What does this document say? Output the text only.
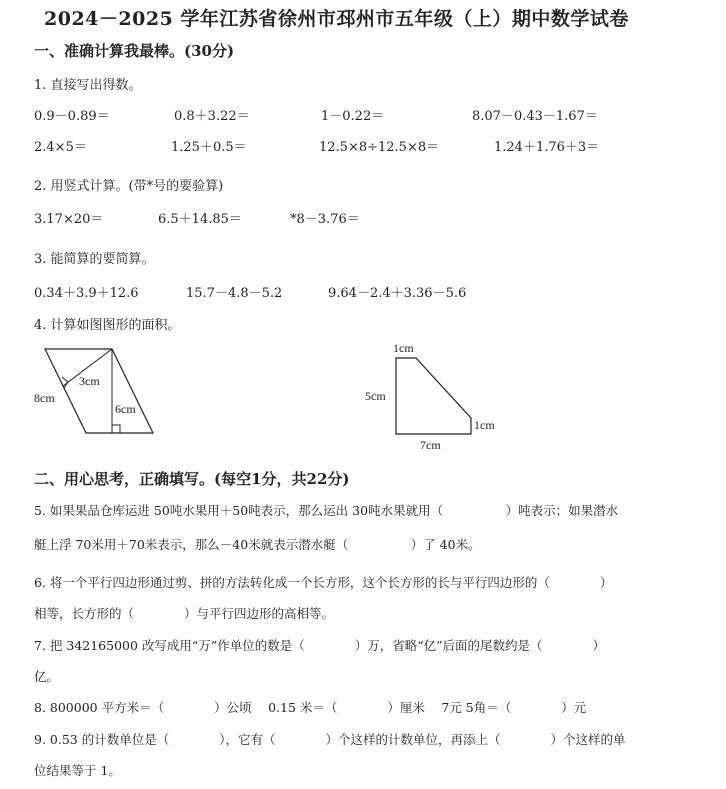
2024－2025 学年江苏省徐州市邳州市五年级（上）期中数学试卷
一、准确计算我最棒。(30分)
1. 直接写出得数。
0.9－0.89＝	0.8＋3.22＝	1－0.22＝	8.07－0.43－1.67＝
2.4×5＝	1.25＋0.5＝	12.5×8÷12.5×8＝	1.24＋1.76＋3＝
2. 用竖式计算。(带*号的要验算)
3.17×20＝	6.5＋14.85＝	*8－3.76＝
3. 能简算的要简算。
0.34＋3.9＋12.6	15.7－4.8－5.2	9.64－2.4＋3.36－5.6
4. 计算如图图形的面积。
8cm
3cm
6cm
1cm
5cm
1cm
7cm
二、用心思考，正确填写。(每空1分，共22分)
5. 如果果品仓库运进 50吨水果用＋50吨表示，那么运出 30吨水果就用（　　　　　）吨表示；如果潜水
艇上浮 70米用＋70米表示，那么－40米就表示潜水艇（　　　　　）了 40米。
6. 将一个平行四边形通过剪、拼的方法转化成一个长方形，这个长方形的长与平行四边形的（　　　　）
相等，长方形的（　　　　）与平行四边形的高相等。
7. 把 342165000 改写成用“万”作单位的数是（　　　　）万，省略“亿”后面的尾数约是（　　　　）
亿。
8. 800000 平方米＝（　　　　）公顷　 0.15 米＝（　　　　）厘米　 7元 5角＝（　　　　）元
9. 0.53 的计数单位是（　　　　），它有（　　　　）个这样的计数单位，再添上（　　　　）个这样的单
位结果等于 1。
